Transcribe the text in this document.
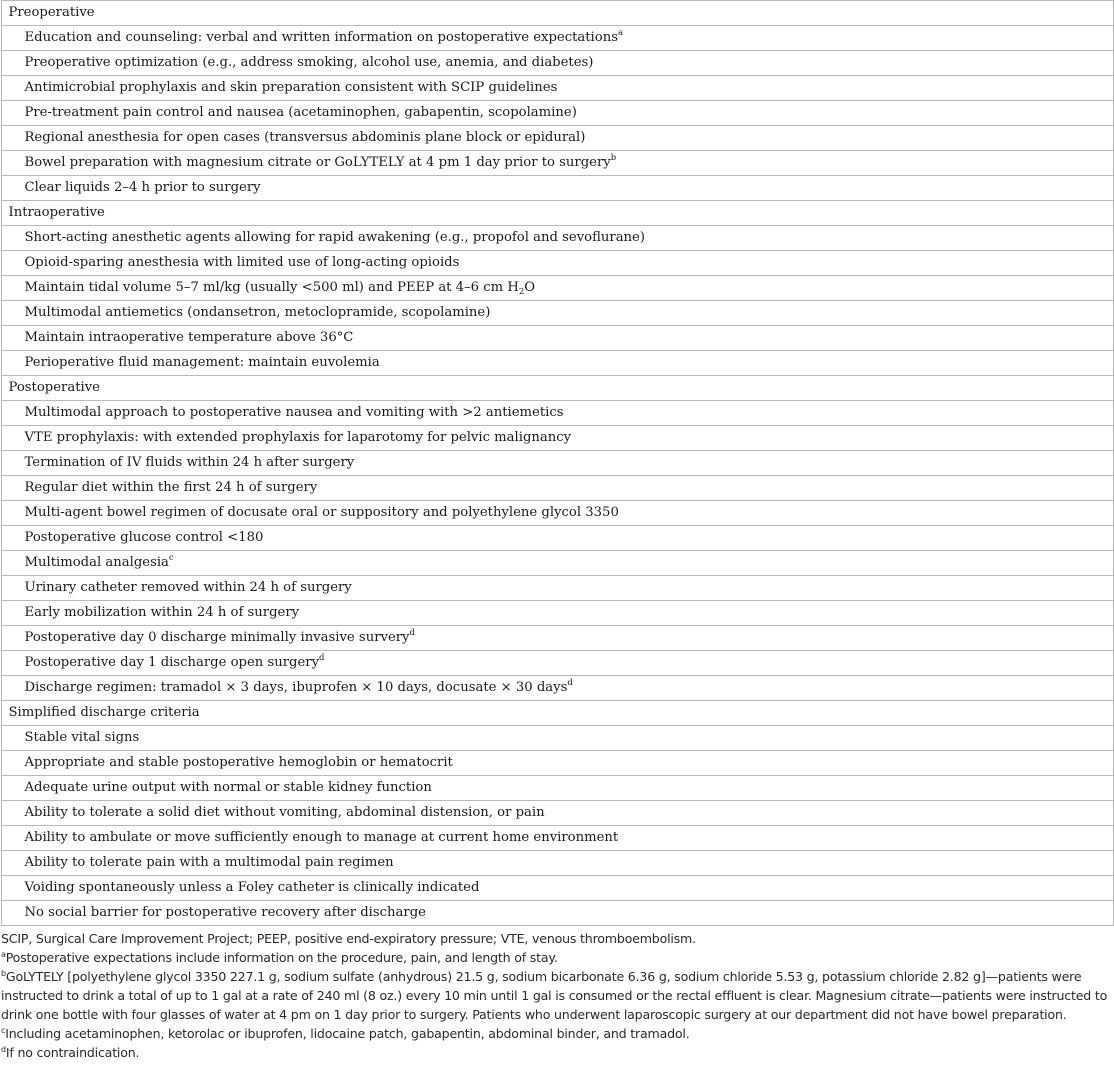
Preoperative
Education and counseling: verbal and written information on postoperative expectations$^a$
Preoperative optimization (e.g., address smoking, alcohol use, anemia, and diabetes)
Antimicrobial prophylaxis and skin preparation consistent with SCIP guidelines
Pre-treatment pain control and nausea (acetaminophen, gabapentin, scopolamine)
Regional anesthesia for open cases (transversus abdominis plane block or epidural)
Bowel preparation with magnesium citrate or GoLYTELY at 4 pm 1 day prior to surgery$^b$
Clear liquids 2–4 h prior to surgery
Intraoperative
Short-acting anesthetic agents allowing for rapid awakening (e.g., propofol and sevoflurane)
Opioid-sparing anesthesia with limited use of long-acting opioids
Maintain tidal volume 5–7 ml/kg (usually <500 ml) and PEEP at 4–6 cm $H_2O$
Multimodal antiemetics (ondansetron, metoclopramide, scopolamine)
Maintain intraoperative temperature above 36°C
Perioperative fluid management: maintain euvolemia
Postoperative
Multimodal approach to postoperative nausea and vomiting with >2 antiemetics
VTE prophylaxis: with extended prophylaxis for laparotomy for pelvic malignancy
Termination of IV fluids within 24 h after surgery
Regular diet within the first 24 h of surgery
Multi-agent bowel regimen of docusate oral or suppository and polyethylene glycol 3350
Postoperative glucose control <180
Multimodal analgesia$^c$
Urinary catheter removed within 24 h of surgery
Early mobilization within 24 h of surgery
Postoperative day 0 discharge minimally invasive survery$^d$
Postoperative day 1 discharge open surgery$^d$
Discharge regimen: tramadol × 3 days, ibuprofen × 10 days, docusate × 30 days$^d$
Simplified discharge criteria
Stable vital signs
Appropriate and stable postoperative hemoglobin or hematocrit
Adequate urine output with normal or stable kidney function
Ability to tolerate a solid diet without vomiting, abdominal distension, or pain
Ability to ambulate or move sufficiently enough to manage at current home environment
Ability to tolerate pain with a multimodal pain regimen
Voiding spontaneously unless a Foley catheter is clinically indicated
No social barrier for postoperative recovery after discharge

SCIP, Surgical Care Improvement Project; PEEP, positive end-expiratory pressure; VTE, venous thromboembolism.

$^a$Postoperative expectations include information on the procedure, pain, and length of stay.

$^b$GoLYTELY [polyethylene glycol 3350 227.1 g, sodium sulfate (anhydrous) 21.5 g, sodium bicarbonate 6.36 g, sodium chloride 5.53 g, potassium chloride 2.82 g]—patients were instructed to drink a total of up to 1 gal at a rate of 240 ml (8 oz.) every 10 min until 1 gal is consumed or the rectal effluent is clear. Magnesium citrate—patients were instructed to drink one bottle with four glasses of water at 4 pm on 1 day prior to surgery. Patients who underwent laparoscopic surgery at our department did not have bowel preparation.

$^c$Including acetaminophen, ketorolac or ibuprofen, lidocaine patch, gabapentin, abdominal binder, and tramadol.

$^d$If no contraindication.
